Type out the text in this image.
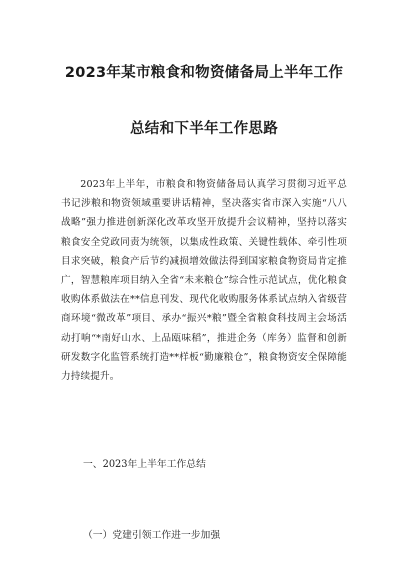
2023年某市粮食和物资储备局上半年工作
总结和下半年工作思路

2023年上半年，市粮食和物资储备局认真学习贯彻习近平总书记涉粮和物资领域重要讲话精神，坚决落实省市深入实施“八八战略”强力推进创新深化改革攻坚开放提升会议精神，坚持以落实粮食安全党政同责为统领，以集成性政策、关键性载体、牵引性项目求突破，粮食产后节约减损增效做法得到国家粮食物资局肯定推广，智慧粮库项目纳入全省“未来粮仓”综合性示范试点，优化粮食收购体系做法在**信息刊发、现代化收购服务体系试点纳入省级营商环境“微改革”项目、承办“振兴*粮”暨全省粮食科技周主会场活动打响“*南好山水、上品瓯味稻”，推进企务（库务）监督和创新研发数字化监管系统打造**样板“勤廉粮仓”，粮食物资安全保障能力持续提升。

一、2023年上半年工作总结

（一）党建引领工作进一步加强
